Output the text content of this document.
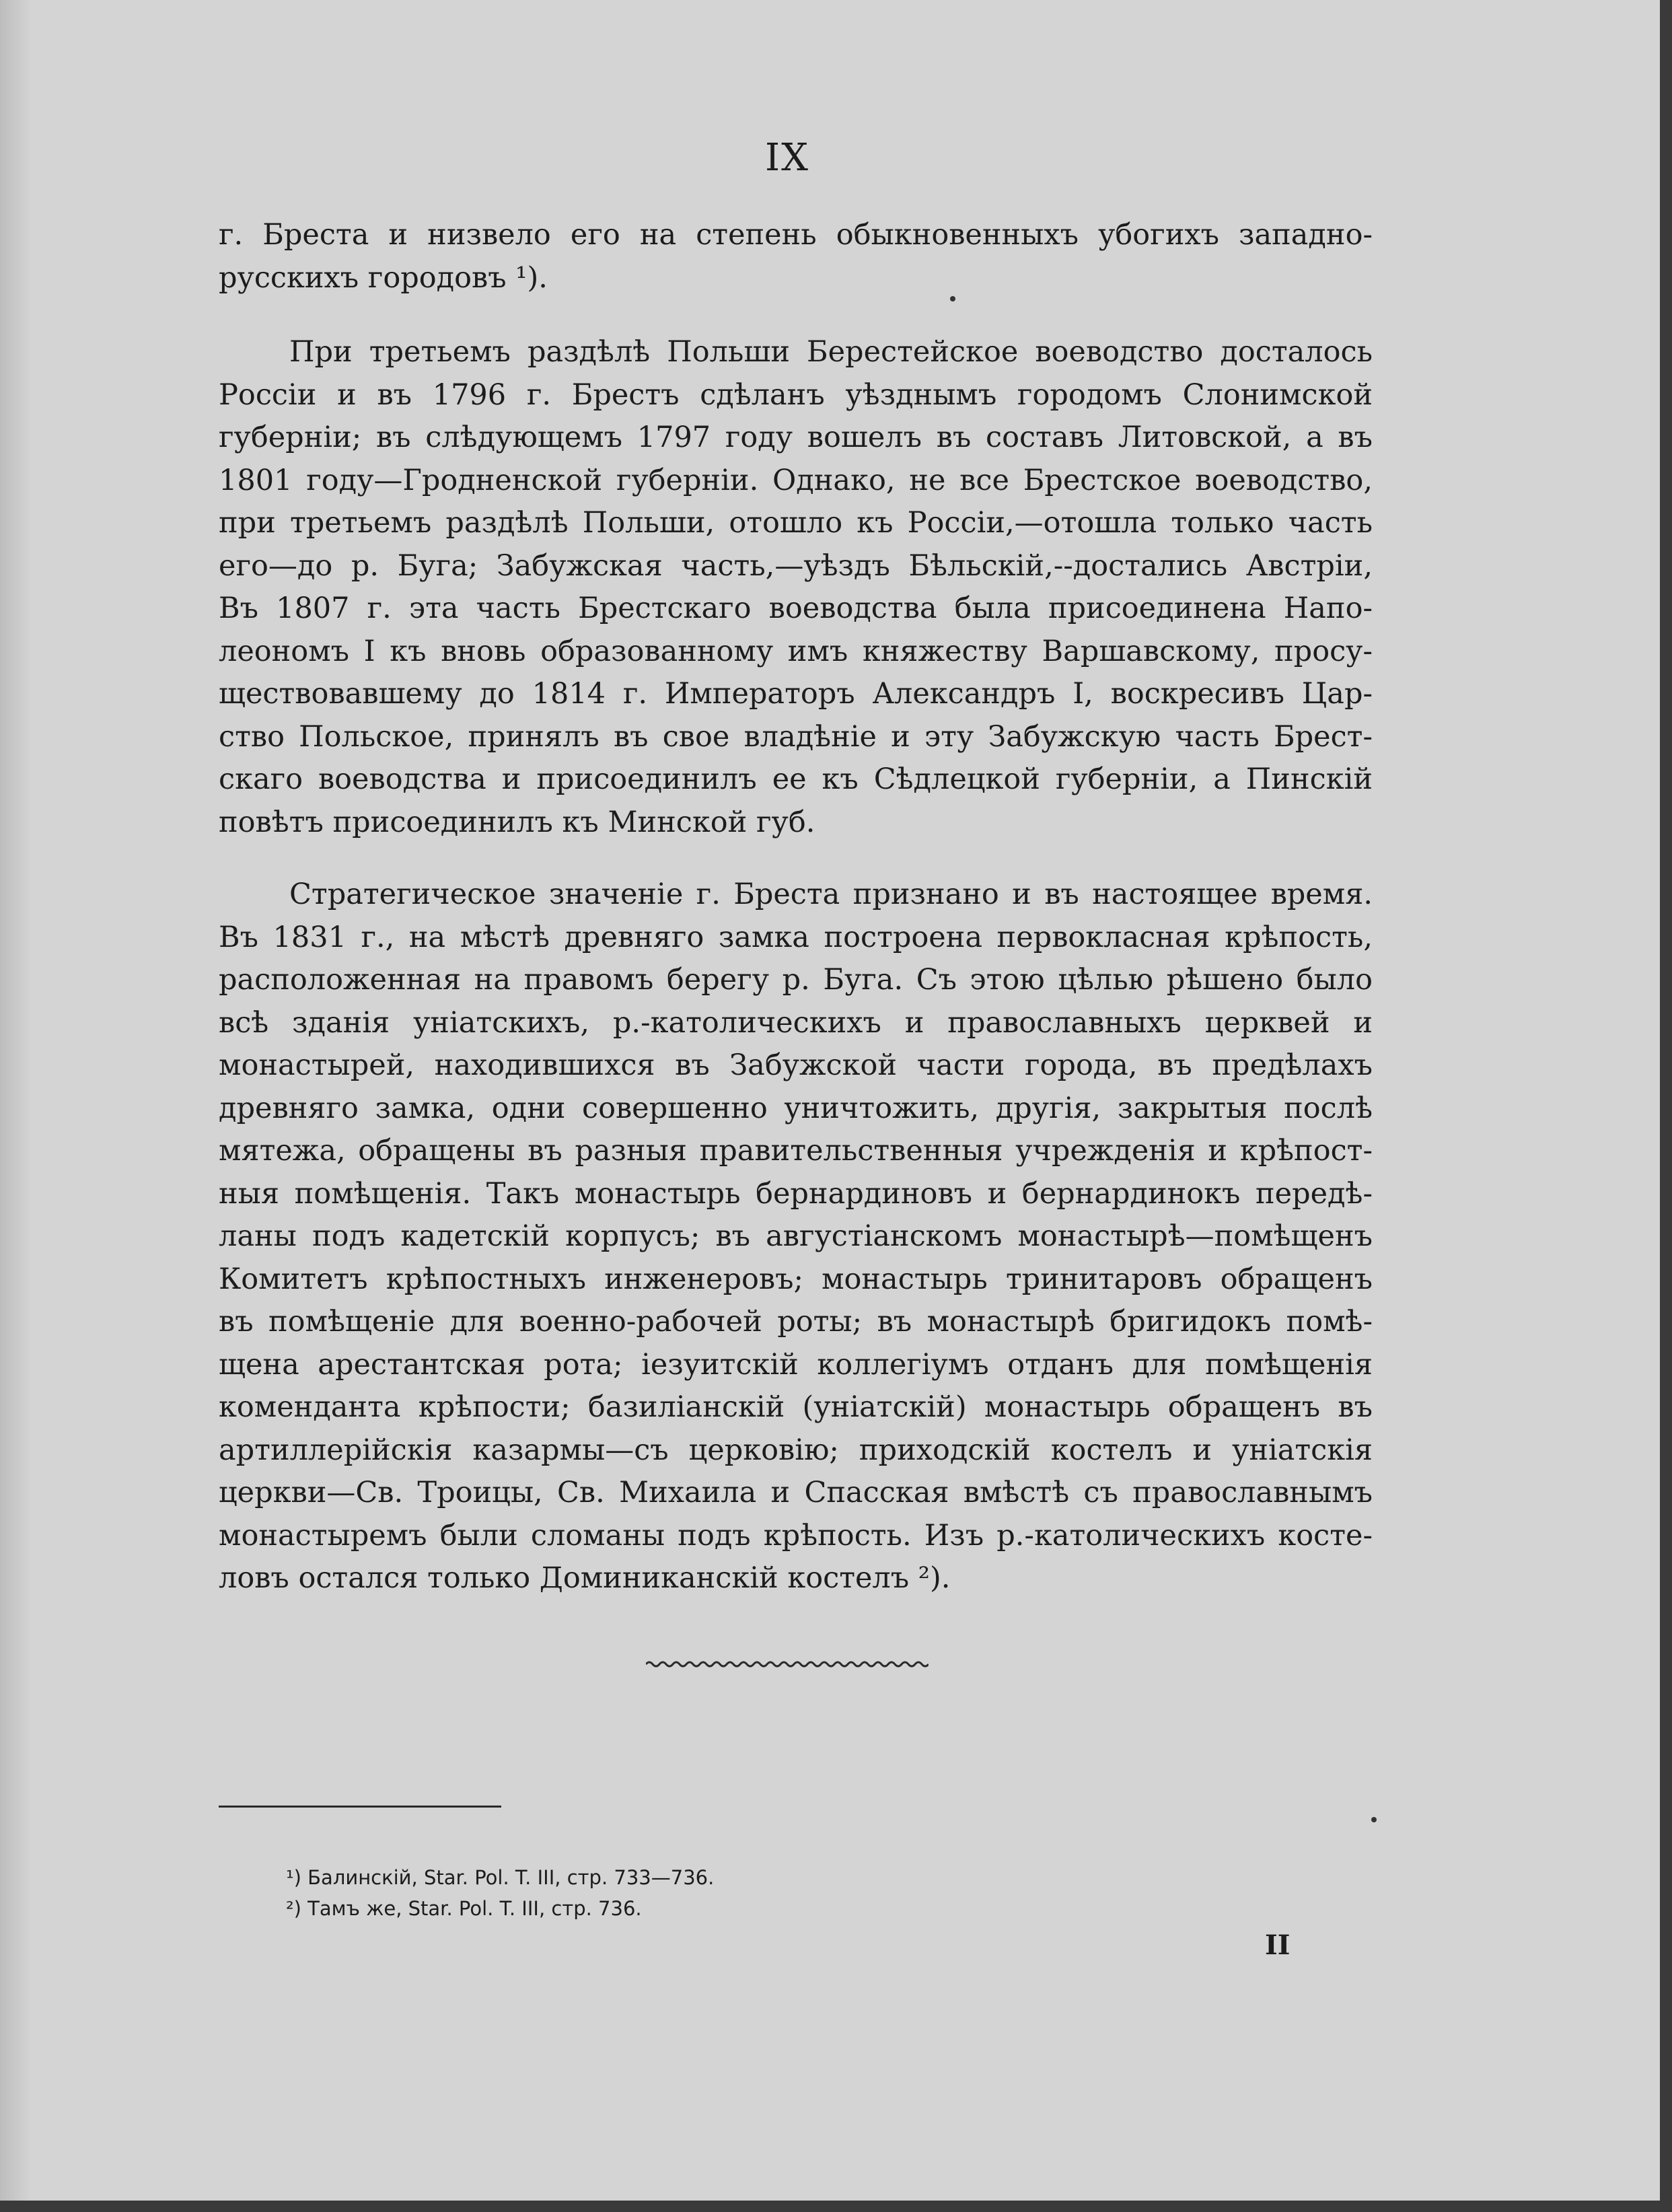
IX
г. Бреста и низвело его на степень обыкновенныхъ убогихъ западно-
русскихъ городовъ ¹).
При третьемъ раздѣлѣ Польши Берестейское воеводство досталось
Россіи и въ 1796 г. Брестъ сдѣланъ уѣзднымъ городомъ Слонимской
губерніи; въ слѣдующемъ 1797 году вошелъ въ составъ Литовской, а въ
1801 году—Гродненской губерніи. Однако, не все Брестское воеводство,
при третьемъ раздѣлѣ Польши, отошло къ Россіи,—отошла только часть
его—до р. Буга; Забужская часть,—уѣздъ Бѣльскій,--достались Австріи,
Въ 1807 г. эта часть Брестскаго воеводства была присоединена Напо-
леономъ I къ вновь образованному имъ княжеству Варшавскому, просу-
ществовавшему до 1814 г. Императоръ Александръ I, воскресивъ Цар-
ство Польское, принялъ въ свое владѣніе и эту Забужскую часть Брест-
скаго воеводства и присоединилъ ее къ Сѣдлецкой губерніи, а Пинскій
повѣтъ присоединилъ къ Минской губ.
Стратегическое значеніе г. Бреста признано и въ настоящее время.
Въ 1831 г., на мѣстѣ древняго замка построена первокласная крѣпость,
расположенная на правомъ берегу р. Буга. Съ этою цѣлью рѣшено было
всѣ зданія уніатскихъ, р.-католическихъ и православныхъ церквей и
монастырей, находившихся въ Забужской части города, въ предѣлахъ
древняго замка, одни совершенно уничтожить, другія, закрытыя послѣ
мятежа, обращены въ разныя правительственныя учрежденія и крѣпост-
ныя помѣщенія. Такъ монастырь бернардиновъ и бернардинокъ передѣ-
ланы подъ кадетскій корпусъ; въ августіанскомъ монастырѣ—помѣщенъ
Комитетъ крѣпостныхъ инженеровъ; монастырь тринитаровъ обращенъ
въ помѣщеніе для военно-рабочей роты; въ монастырѣ бригидокъ помѣ-
щена арестантская рота; іезуитскій коллегіумъ отданъ для помѣщенія
коменданта крѣпости; базиліанскій (уніатскій) монастырь обращенъ въ
артиллерійскія казармы—съ церковію; приходскій костелъ и уніатскія
церкви—Св. Троицы, Св. Михаила и Спасская вмѣстѣ съ православнымъ
монастыремъ были сломаны подъ крѣпость. Изъ р.-католическихъ косте-
ловъ остался только Доминиканскій костелъ ²).
¹) Балинскій, Star. Pol. T. III, стр. 733—736.
²) Тамъ же, Star. Pol. T. III, стр. 736.
II
